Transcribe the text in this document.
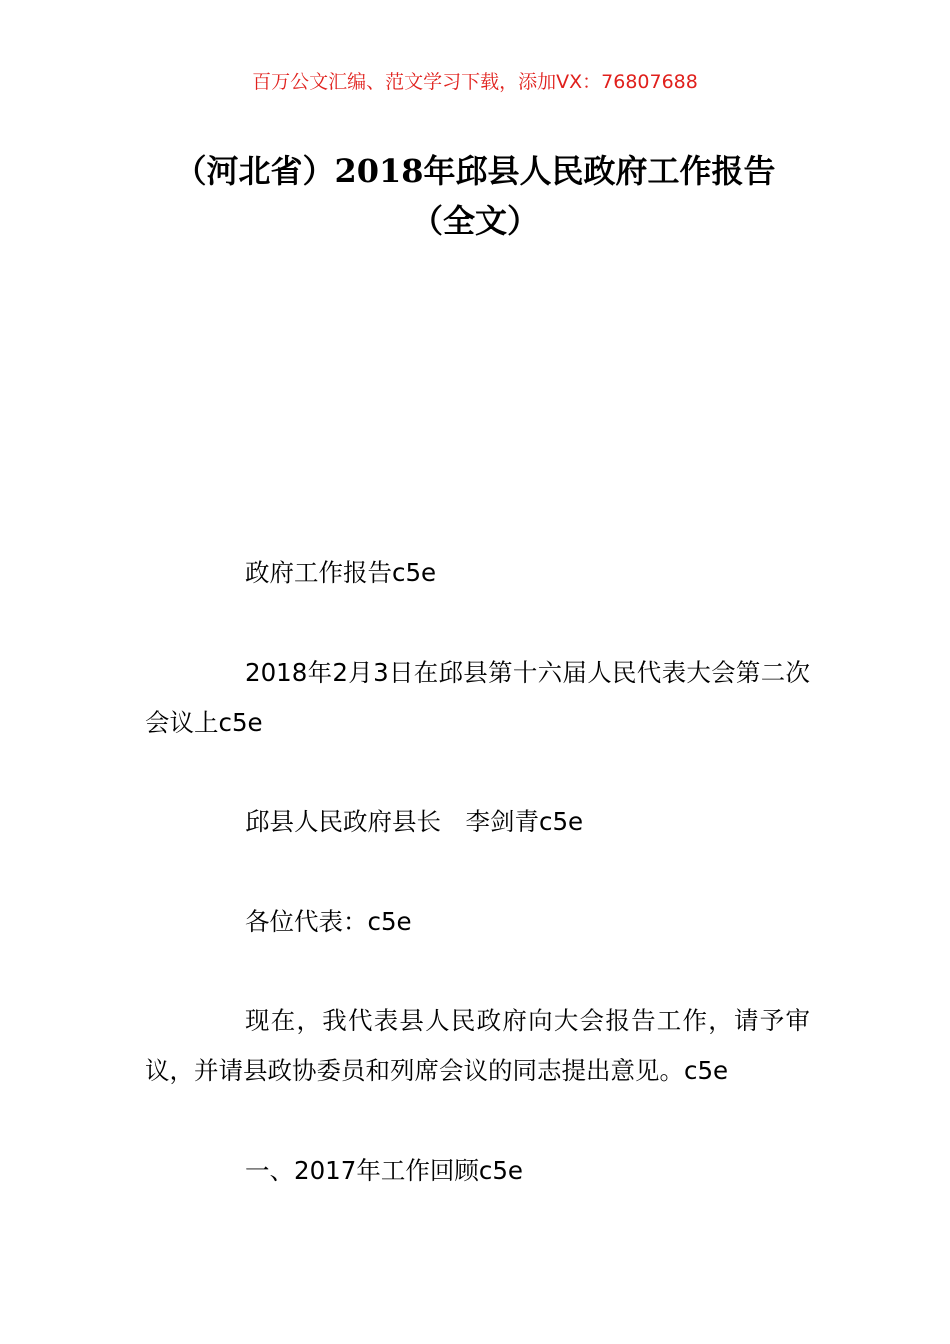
百万公文汇编、范文学习下载，添加VX：76807688
（河北省）2018年邱县人民政府工作报告
（全文）

政府工作报告c5e

2018年2月3日在邱县第十六届人民代表大会第二次会议上c5e

邱县人民政府县长　李剑青c5e

各位代表：c5e

现在，我代表县人民政府向大会报告工作，请予审议，并请县政协委员和列席会议的同志提出意见。c5e

一、2017年工作回顾c5e
